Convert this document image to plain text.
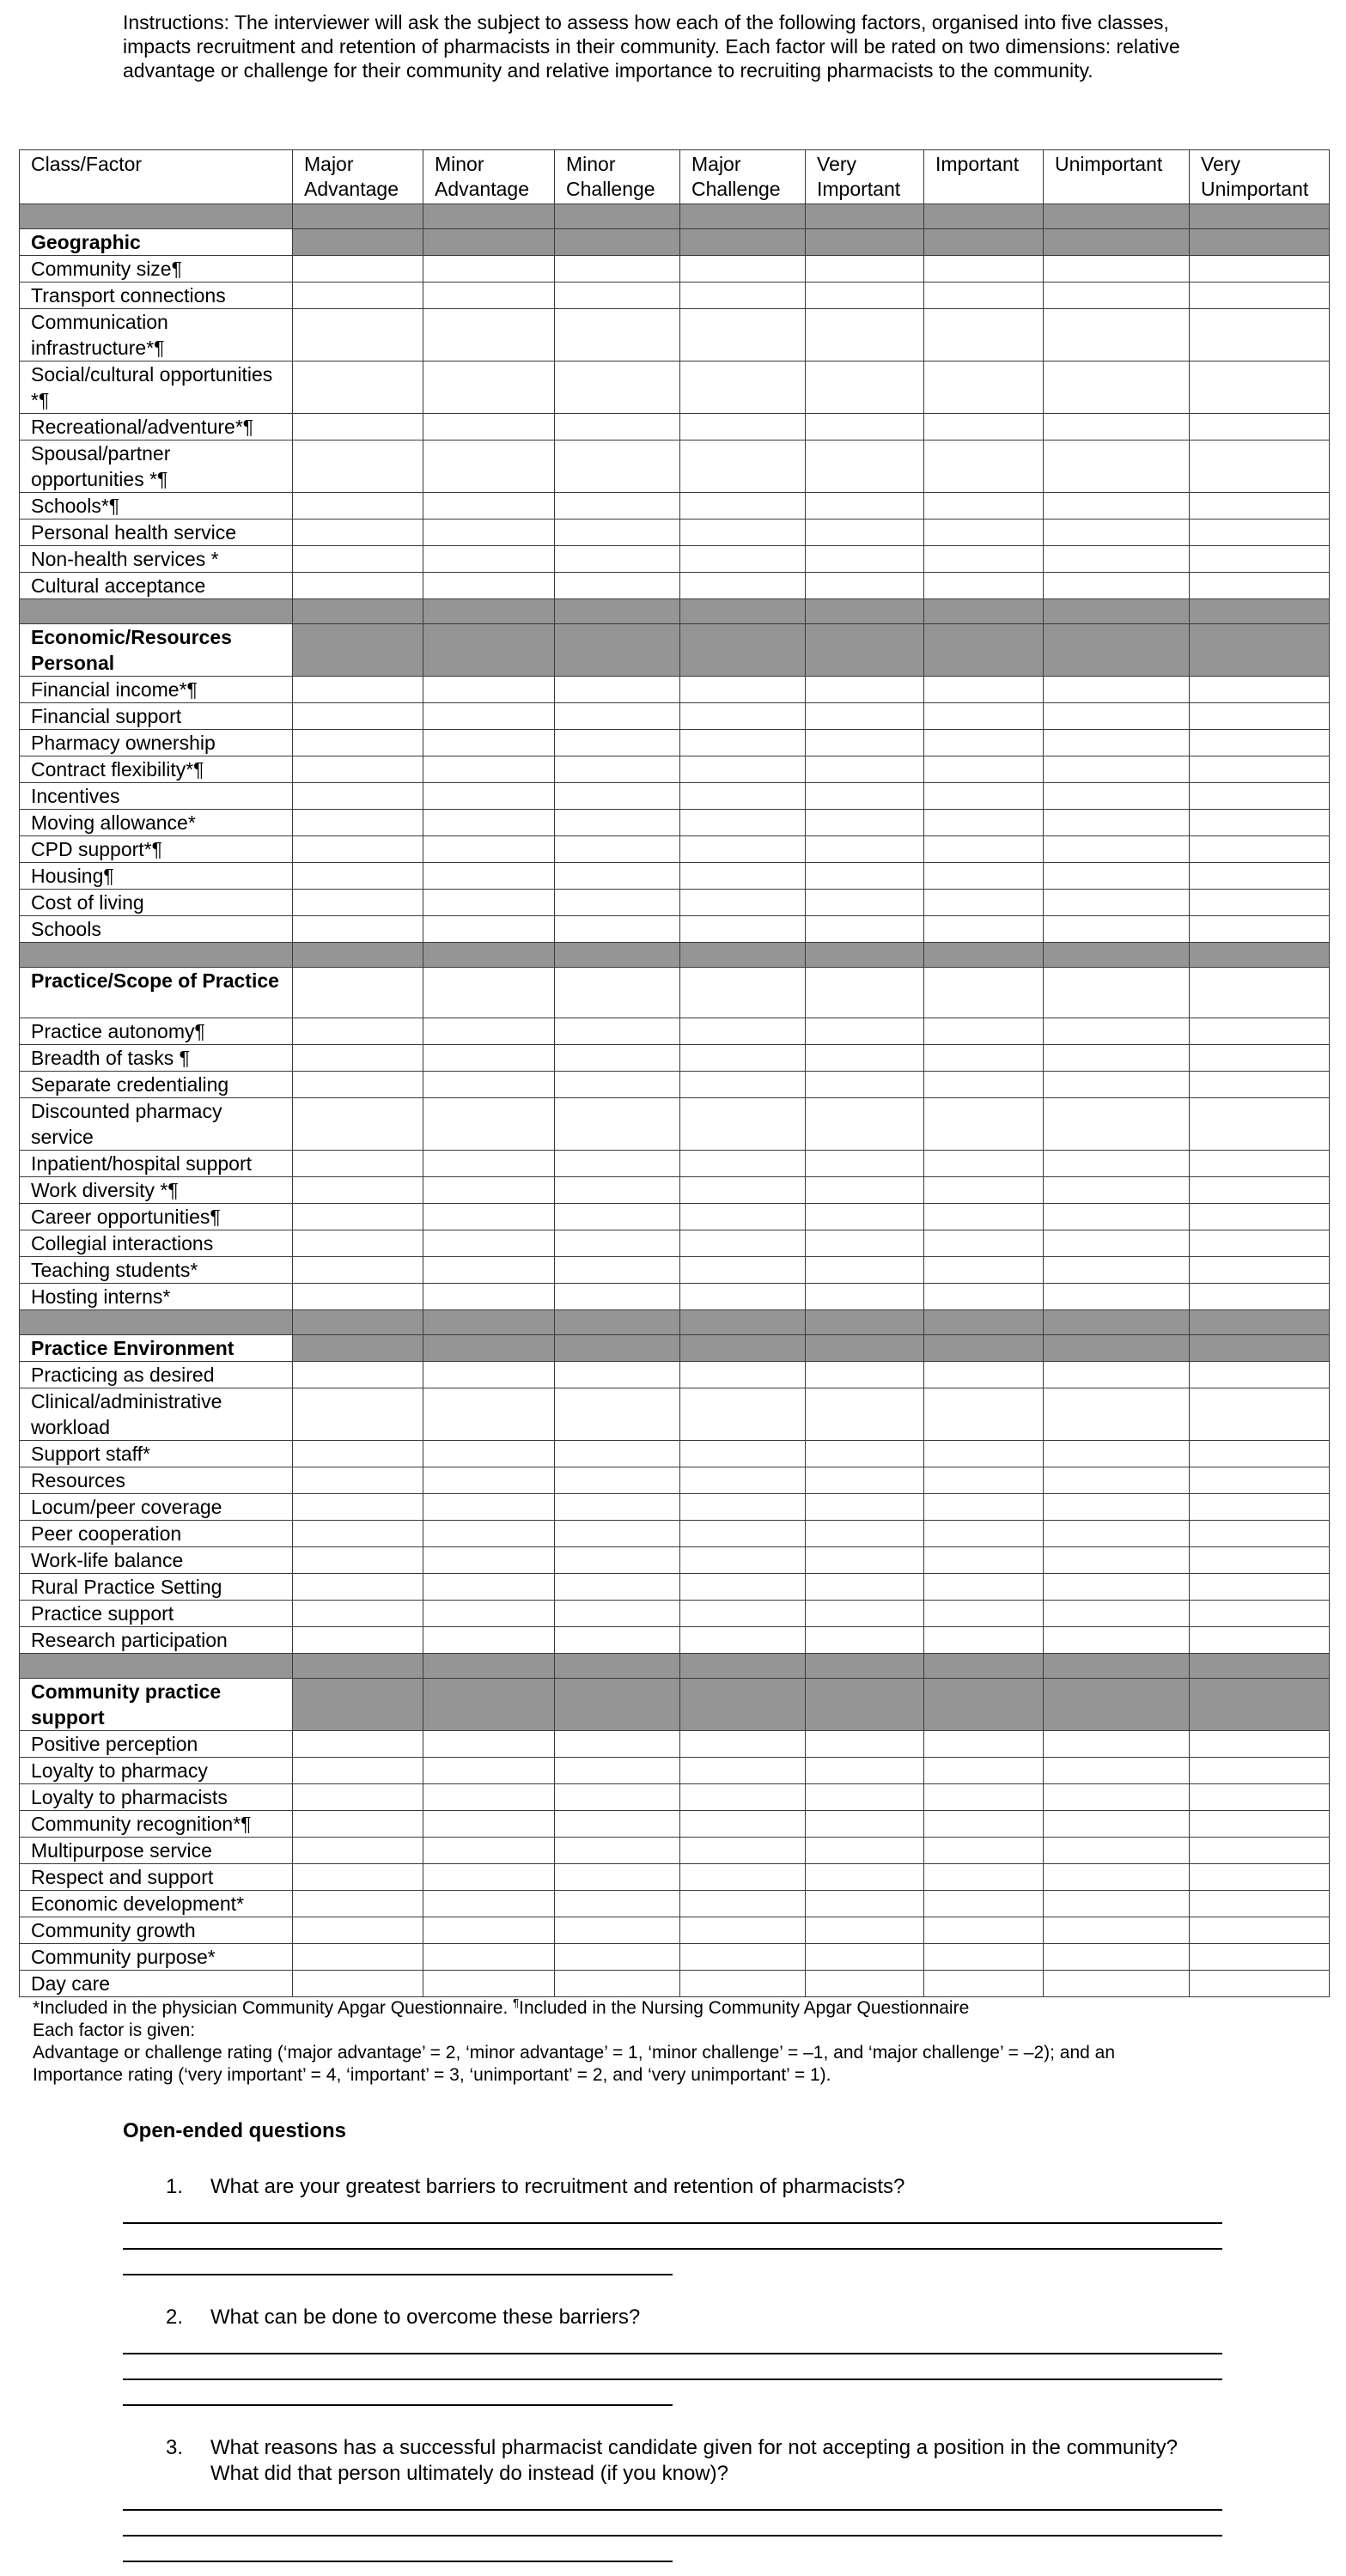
Instructions: The interviewer will ask the subject to assess how each of the following factors, organised into five classes, impacts recruitment and retention of pharmacists in their community. Each factor will be rated on two dimensions: relative advantage or challenge for their community and relative importance to recruiting pharmacists to the community.

Class/Factor	Major Advantage	Minor Advantage	Minor Challenge	Major Challenge	Very Important	Important	Unimportant	Very Unimportant

Geographic								
Community size¶								
Transport connections								
Communication infrastructure*¶								
Social/cultural opportunities *¶								
Recreational/adventure*¶								
Spousal/partner opportunities *¶								
Schools*¶								
Personal health service								
Non-health services *								
Cultural acceptance								

Economic/Resources Personal								
Financial income*¶								
Financial support								
Pharmacy ownership								
Contract flexibility*¶								
Incentives								
Moving allowance*								
CPD support*¶								
Housing¶								
Cost of living								
Schools								

Practice/Scope of Practice								
Practice autonomy¶								
Breadth of tasks ¶								
Separate credentialing								
Discounted pharmacy service								
Inpatient/hospital support								
Work diversity *¶								
Career opportunities¶								
Collegial interactions								
Teaching students*								
Hosting interns*								

Practice Environment								
Practicing as desired								
Clinical/administrative workload								
Support staff*								
Resources								
Locum/peer coverage								
Peer cooperation								
Work-life balance								
Rural Practice Setting								
Practice support								
Research participation								

Community practice support								
Positive perception								
Loyalty to pharmacy								
Loyalty to pharmacists								
Community recognition*¶								
Multipurpose service								
Respect and support								
Economic development*								
Community growth								
Community purpose*								
Day care								
*Included in the physician Community Apgar Questionnaire. ¶Included in the Nursing Community Apgar Questionnaire
Each factor is given:
Advantage or challenge rating (‘major advantage’ = 2, ‘minor advantage’ = 1, ‘minor challenge’ = –1, and ‘major challenge’ = –2); and an
Importance rating (‘very important’ = 4, ‘important’ = 3, ‘unimportant’ = 2, and ‘very unimportant’ = 1).

Open-ended questions

1. What are your greatest barriers to recruitment and retention of pharmacists?
2. What can be done to overcome these barriers?
3. What reasons has a successful pharmacist candidate given for not accepting a position in the community? What did that person ultimately do instead (if you know)?
